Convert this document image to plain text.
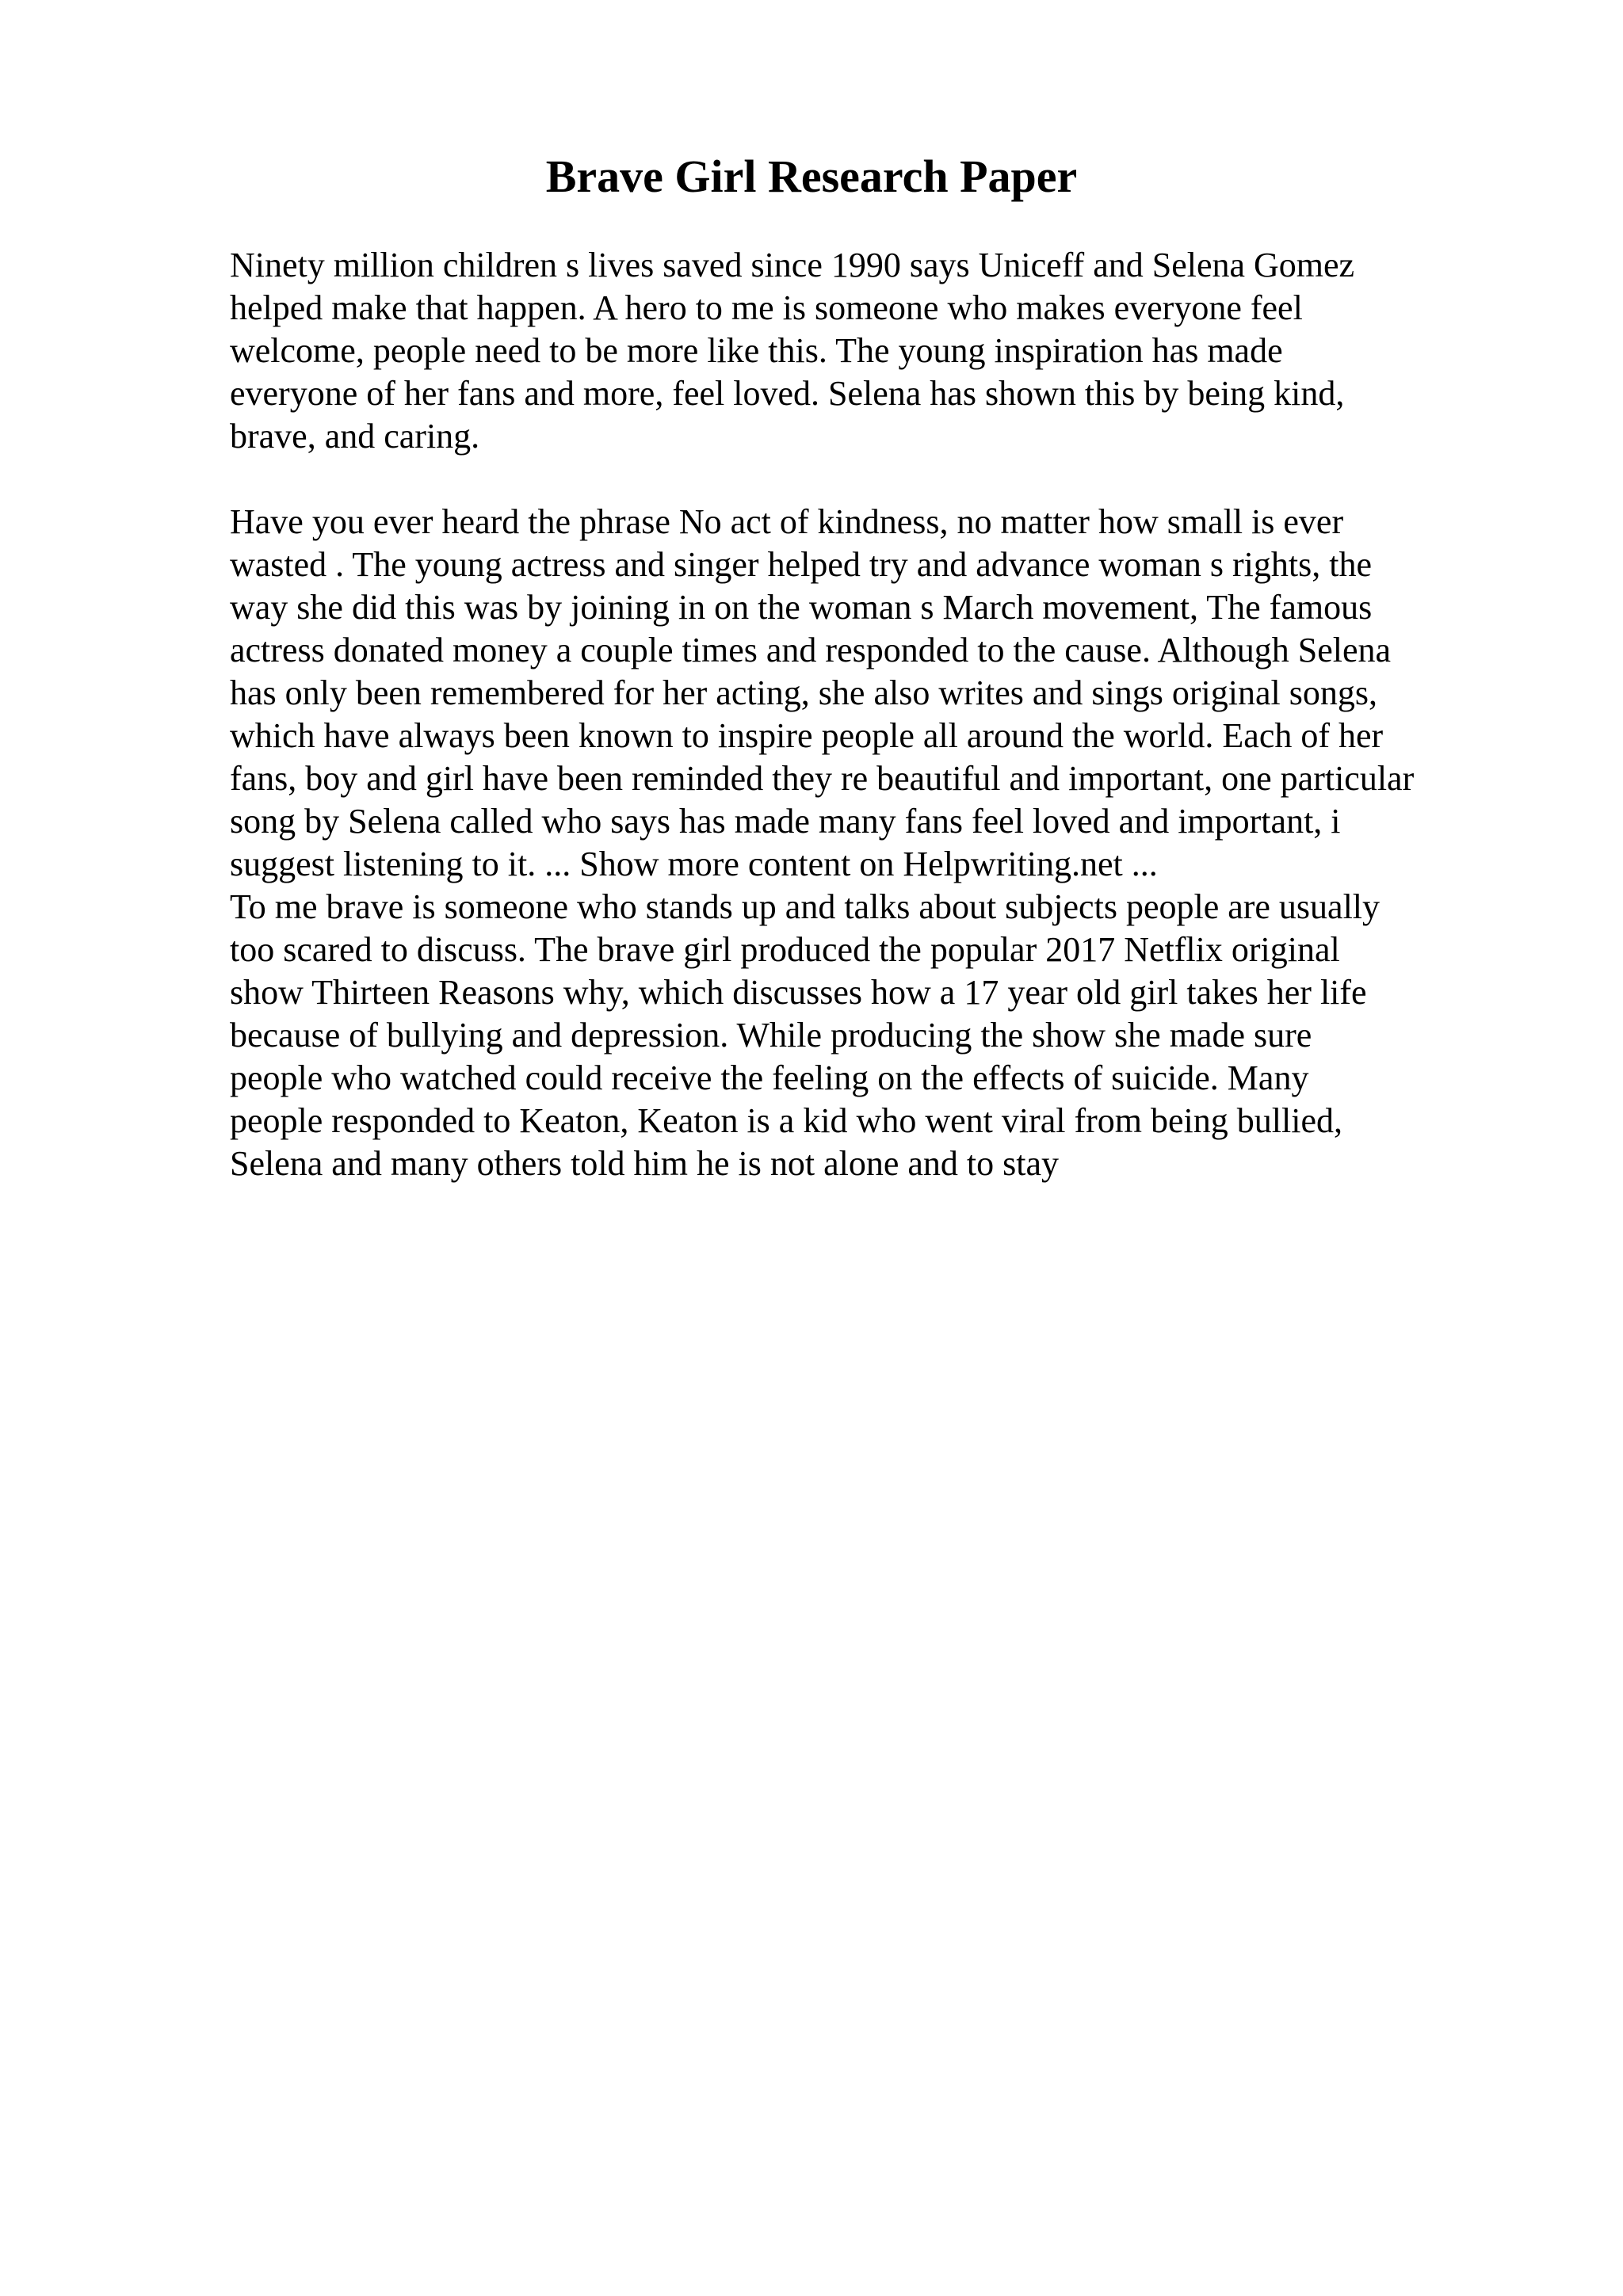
Brave Girl Research Paper
Ninety million children s lives saved since 1990 says Uniceff and Selena Gomez
helped make that happen. A hero to me is someone who makes everyone feel
welcome, people need to be more like this. The young inspiration has made
everyone of her fans and more, feel loved. Selena has shown this by being kind,
brave, and caring.
Have you ever heard the phrase No act of kindness, no matter how small is ever
wasted . The young actress and singer helped try and advance woman s rights, the
way she did this was by joining in on the woman s March movement, The famous
actress donated money a couple times and responded to the cause. Although Selena
has only been remembered for her acting, she also writes and sings original songs,
which have always been known to inspire people all around the world. Each of her
fans, boy and girl have been reminded they re beautiful and important, one particular
song by Selena called who says has made many fans feel loved and important, i
suggest listening to it. ... Show more content on Helpwriting.net ...
To me brave is someone who stands up and talks about subjects people are usually
too scared to discuss. The brave girl produced the popular 2017 Netflix original
show Thirteen Reasons why, which discusses how a 17 year old girl takes her life
because of bullying and depression. While producing the show she made sure
people who watched could receive the feeling on the effects of suicide. Many
people responded to Keaton, Keaton is a kid who went viral from being bullied,
Selena and many others told him he is not alone and to stay
